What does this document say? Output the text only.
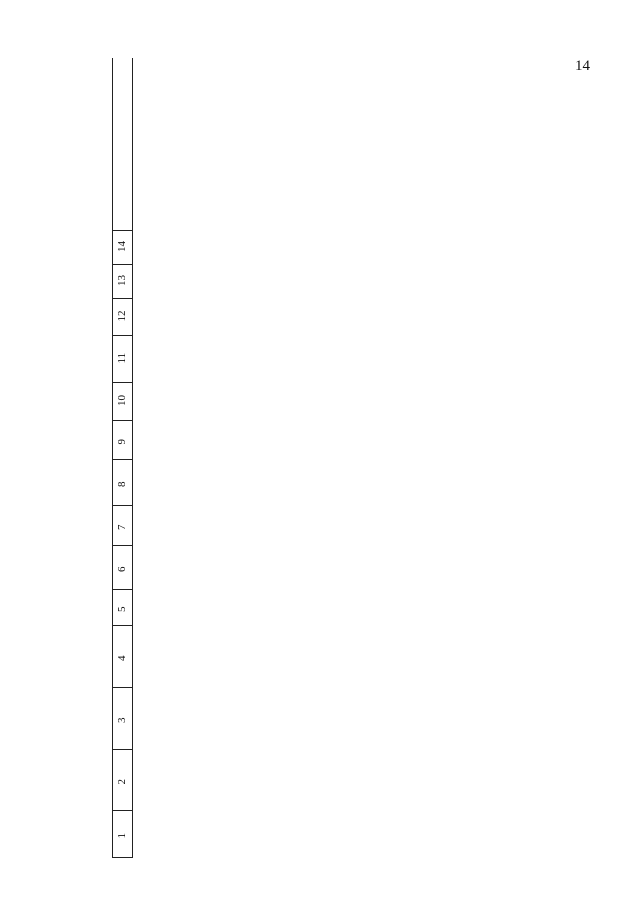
14
1
2
3
4
5
6
7
8
9
10
11
12
13
14
